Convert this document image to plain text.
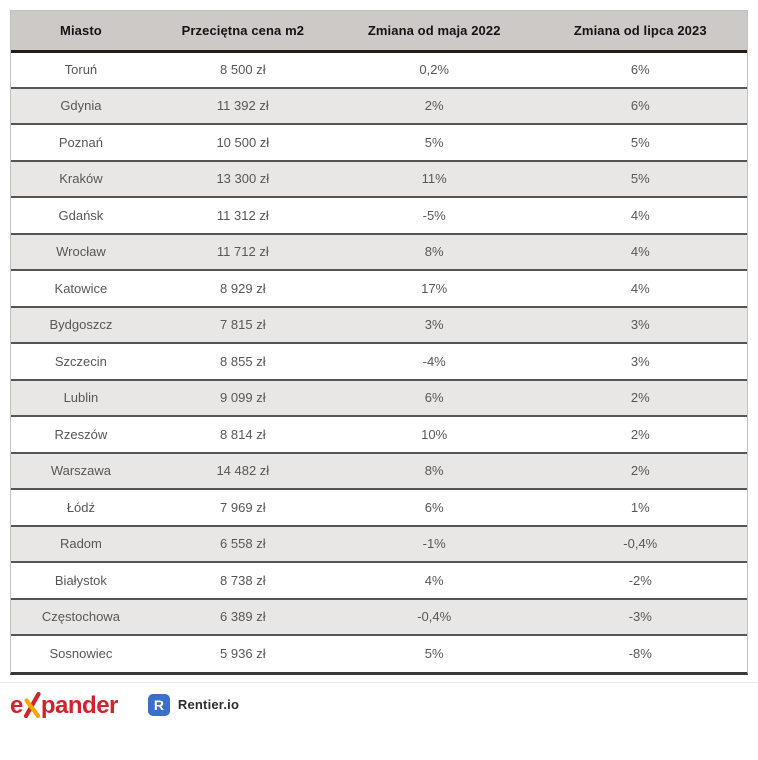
Miasto	Przeciętna cena m2	Zmiana od maja 2022	Zmiana od lipca 2023
Toruń	8 500 zł	0,2%	6%
Gdynia	11 392 zł	2%	6%
Poznań	10 500 zł	5%	5%
Kraków	13 300 zł	11%	5%
Gdańsk	11 312 zł	-5%	4%
Wrocław	11 712 zł	8%	4%
Katowice	8 929 zł	17%	4%
Bydgoszcz	7 815 zł	3%	3%
Szczecin	8 855 zł	-4%	3%
Lublin	9 099 zł	6%	2%
Rzeszów	8 814 zł	10%	2%
Warszawa	14 482 zł	8%	2%
Łódź	7 969 zł	6%	1%
Radom	6 558 zł	-1%	-0,4%
Białystok	8 738 zł	4%	-2%
Częstochowa	6 389 zł	-0,4%	-3%
Sosnowiec	5 936 zł	5%	-8%
e pander	R	Rentier.io
